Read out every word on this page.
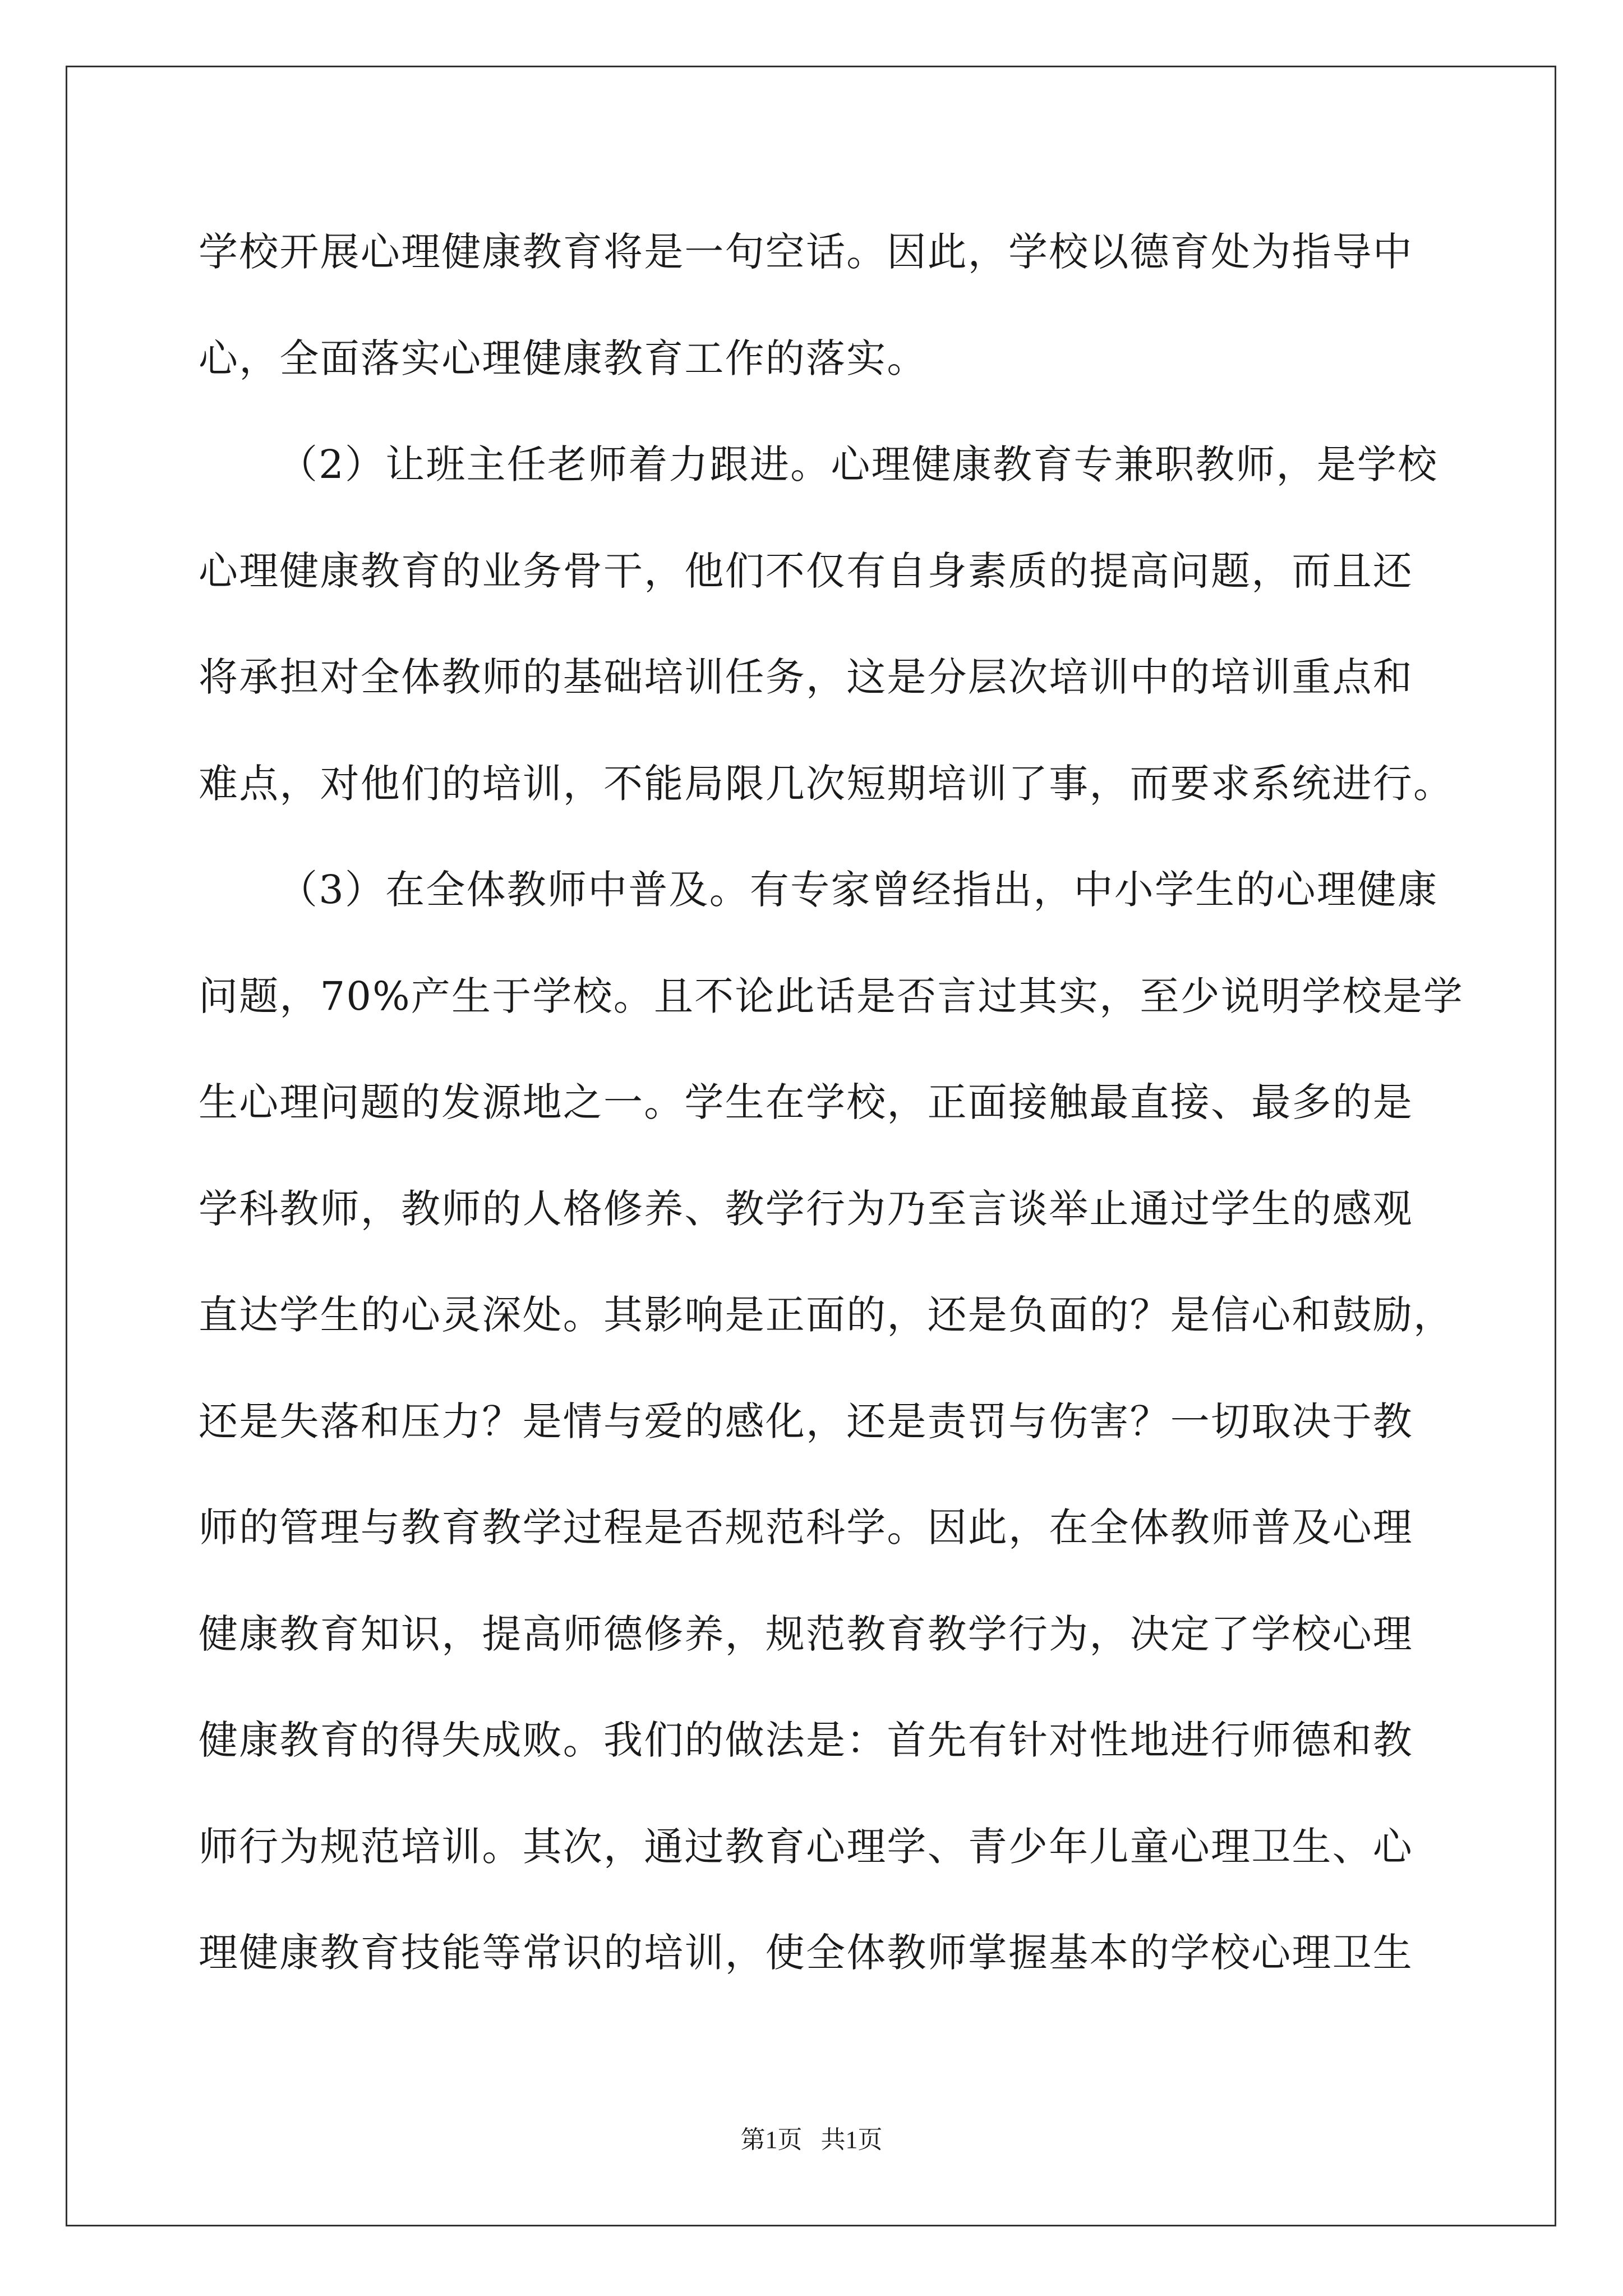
学校开展心理健康教育将是一句空话。因此，学校以德育处为指导中
心，全面落实心理健康教育工作的落实。
（2）让班主任老师着力跟进。心理健康教育专兼职教师，是学校
心理健康教育的业务骨干，他们不仅有自身素质的提高问题，而且还
将承担对全体教师的基础培训任务，这是分层次培训中的培训重点和
难点，对他们的培训，不能局限几次短期培训了事，而要求系统进行。
（3）在全体教师中普及。有专家曾经指出，中小学生的心理健康
问题，70%产生于学校。且不论此话是否言过其实，至少说明学校是学
生心理问题的发源地之一。学生在学校，正面接触最直接、最多的是
学科教师，教师的人格修养、教学行为乃至言谈举止通过学生的感观
直达学生的心灵深处。其影响是正面的，还是负面的？是信心和鼓励，
还是失落和压力？是情与爱的感化，还是责罚与伤害？一切取决于教
师的管理与教育教学过程是否规范科学。因此，在全体教师普及心理
健康教育知识，提高师德修养，规范教育教学行为，决定了学校心理
健康教育的得失成败。我们的做法是：首先有针对性地进行师德和教
师行为规范培训。其次，通过教育心理学、青少年儿童心理卫生、心
理健康教育技能等常识的培训，使全体教师掌握基本的学校心理卫生
第1页   共1页
